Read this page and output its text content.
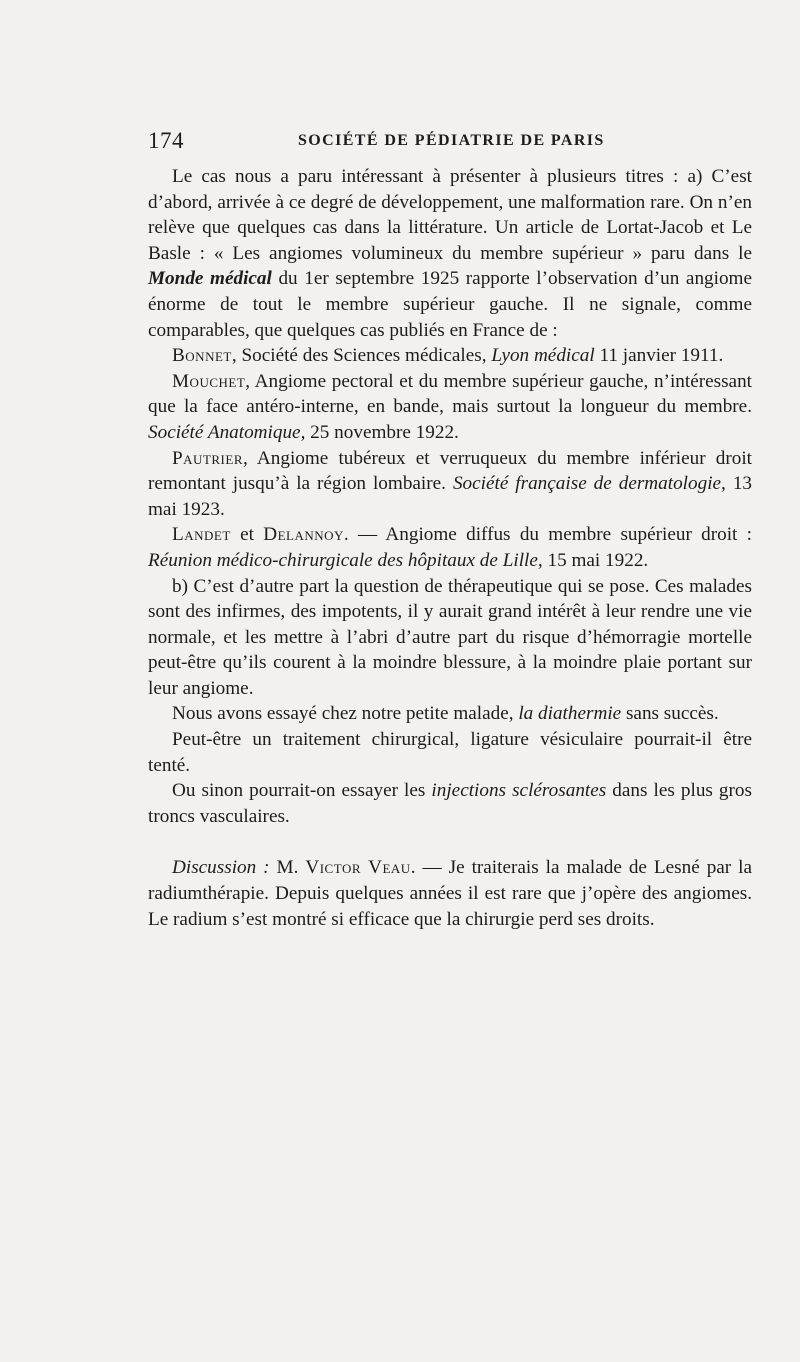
174	SOCIÉTÉ DE PÉDIATRIE DE PARIS

Le cas nous a paru intéressant à présenter à plusieurs titres : a) C’est d’abord, arrivée à ce degré de développement, une malformation rare. On n’en relève que quelques cas dans la littérature. Un article de Lortat-Jacob et Le Basle : « Les angiomes volumineux du membre supérieur » paru dans le Monde médical du 1er septembre 1925 rapporte l’observation d’un angiome énorme de tout le membre supérieur gauche. Il ne signale, comme comparables, que quelques cas publiés en France de :

Bonnet, Société des Sciences médicales, Lyon médical 11 janvier 1911.

Mouchet, Angiome pectoral et du membre supérieur gauche, n’intéressant que la face antéro-interne, en bande, mais surtout la longueur du membre. Société Anatomique, 25 novembre 1922.

Pautrier, Angiome tubéreux et verruqueux du membre inférieur droit remontant jusqu’à la région lombaire. Société française de dermatologie, 13 mai 1923.

Landet et Delannoy. — Angiome diffus du membre supérieur droit : Réunion médico-chirurgicale des hôpitaux de Lille, 15 mai 1922.

b) C’est d’autre part la question de thérapeutique qui se pose. Ces malades sont des infirmes, des impotents, il y aurait grand intérêt à leur rendre une vie normale, et les mettre à l’abri d’autre part du risque d’hémorragie mortelle peut-être qu’ils courent à la moindre blessure, à la moindre plaie portant sur leur angiome.

Nous avons essayé chez notre petite malade, la diathermie sans succès.

Peut-être un traitement chirurgical, ligature vésiculaire pourrait-il être tenté.

Ou sinon pourrait-on essayer les injections sclérosantes dans les plus gros troncs vasculaires.

Discussion : M. Victor Veau. — Je traiterais la malade de Lesné par la radiumthérapie. Depuis quelques années il est rare que j’opère des angiomes. Le radium s’est montré si efficace que la chirurgie perd ses droits.
